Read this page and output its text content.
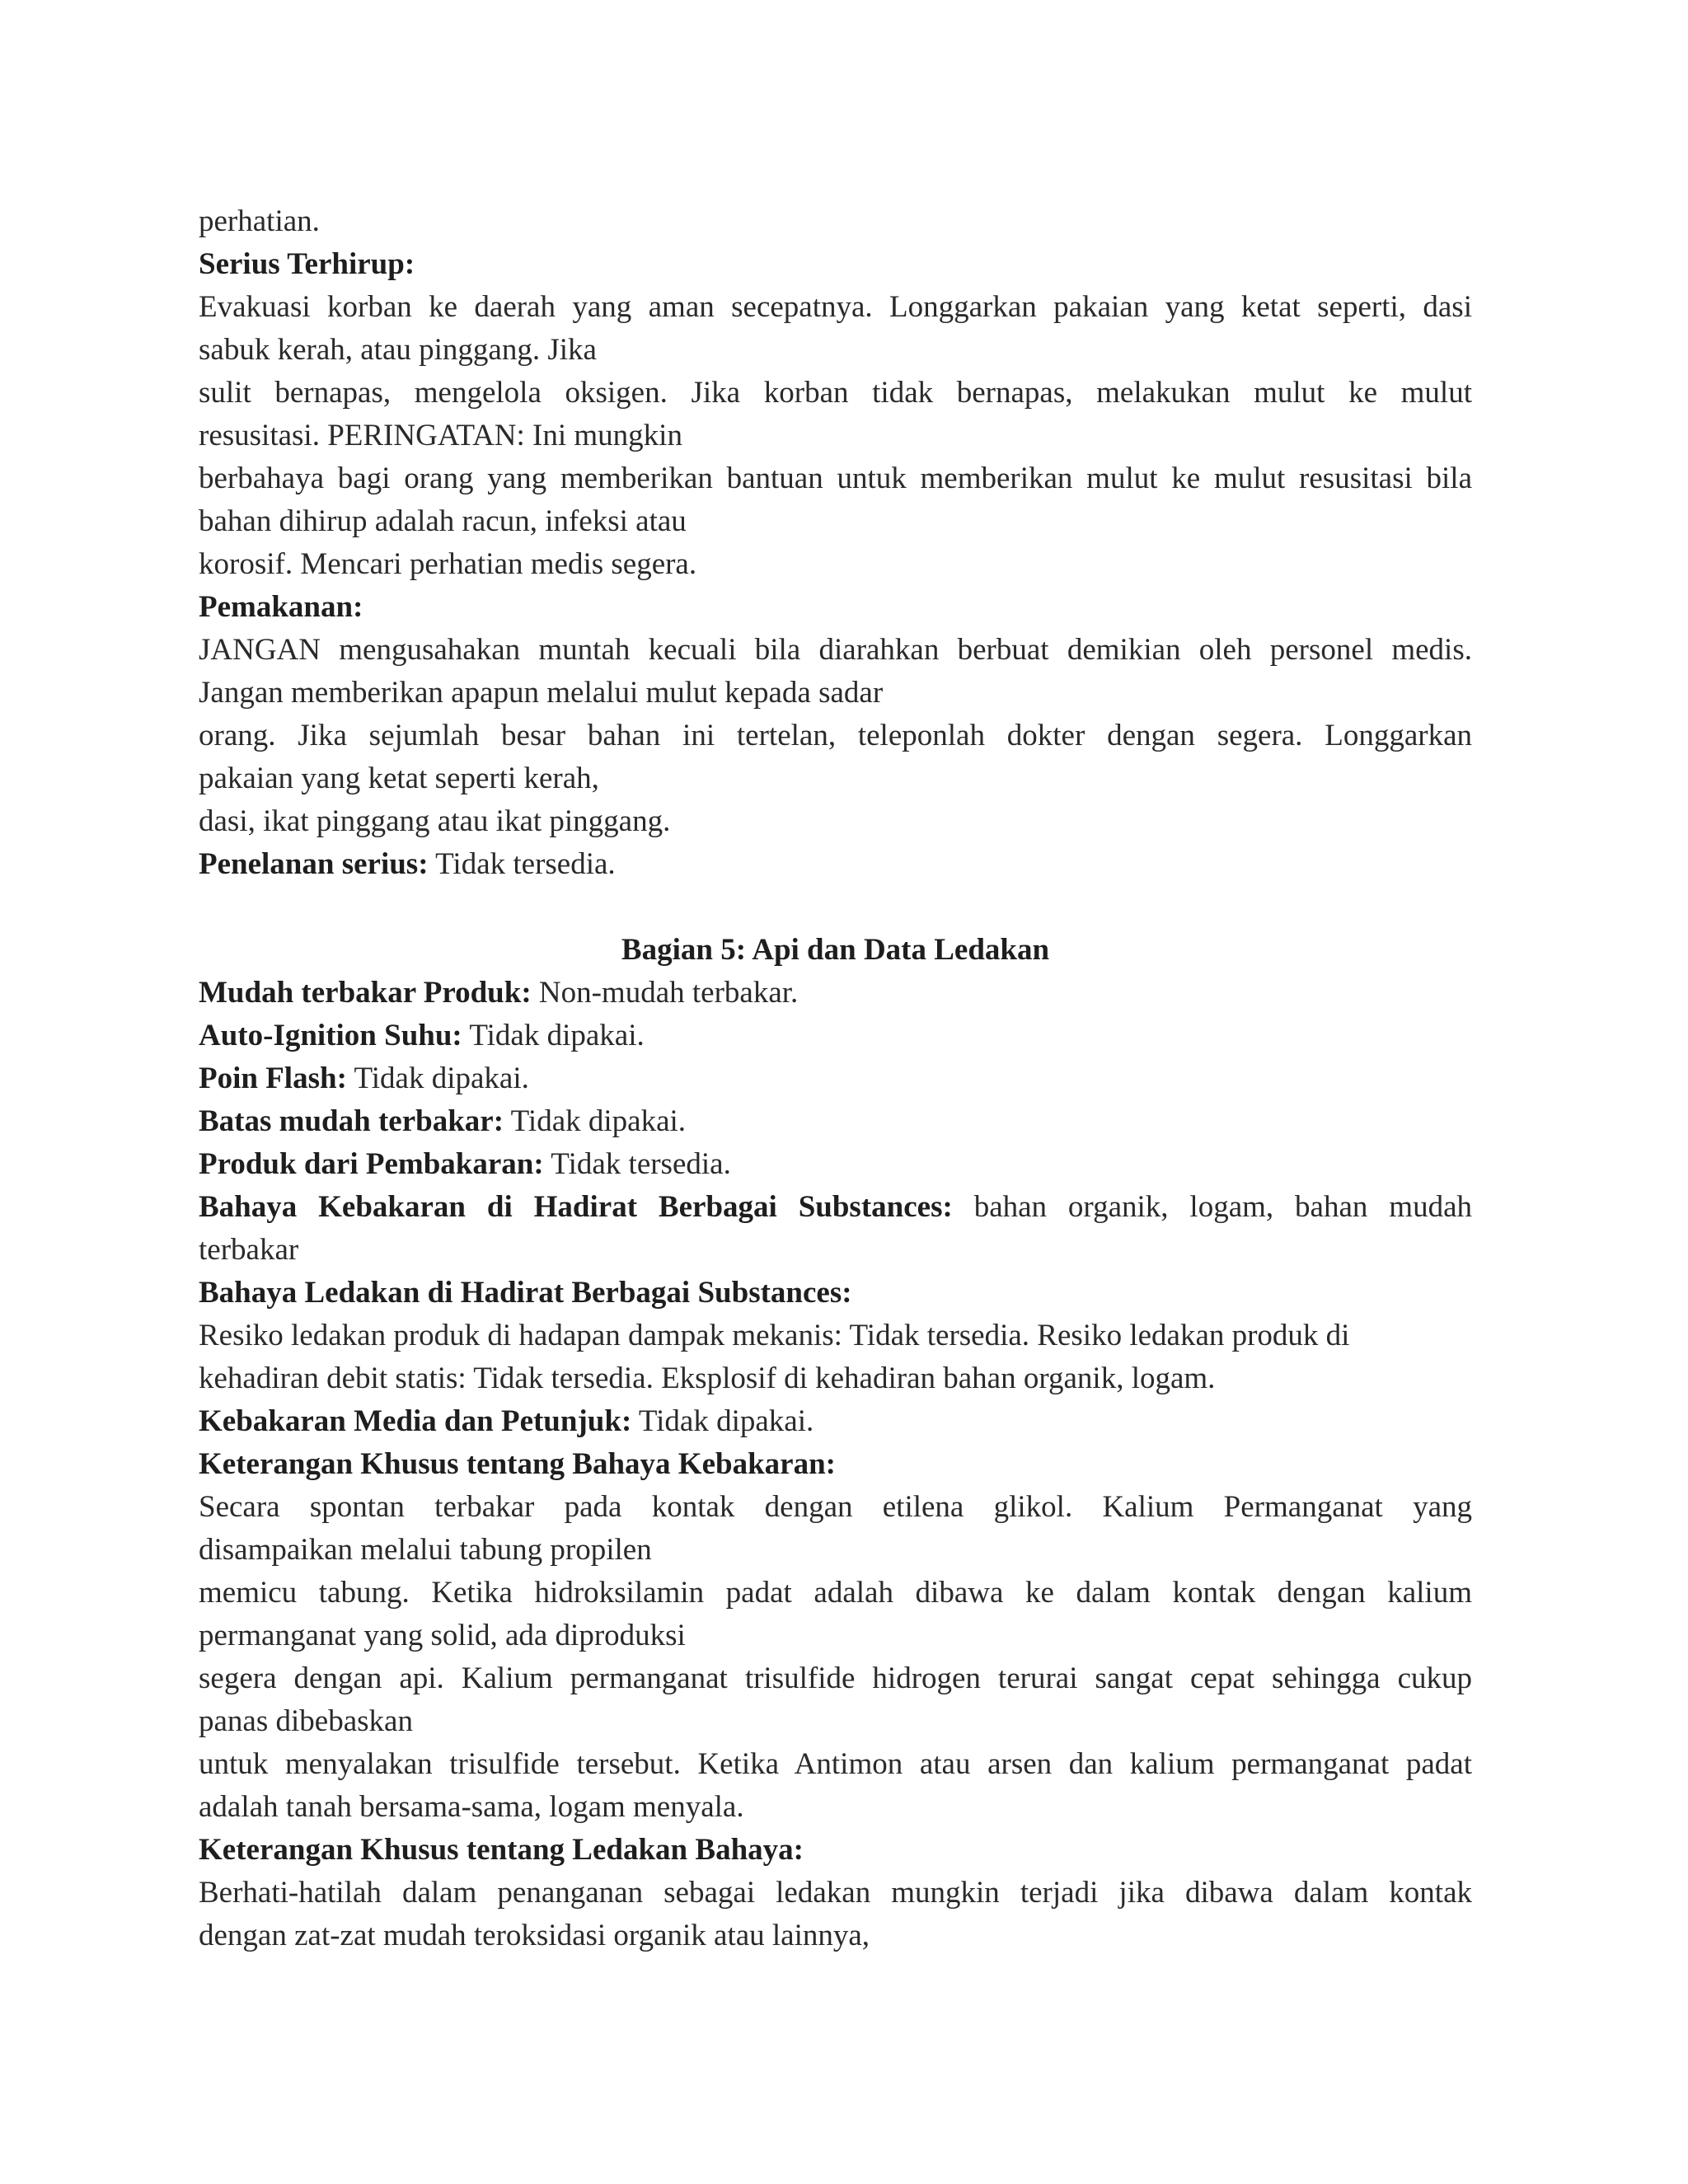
perhatian.

Serius Terhirup:

Evakuasi korban ke daerah yang aman secepatnya. Longgarkan pakaian yang ketat seperti, dasi

sabuk kerah, atau pinggang. Jika

sulit bernapas, mengelola oksigen. Jika korban tidak bernapas, melakukan mulut ke mulut

resusitasi. PERINGATAN: Ini mungkin

berbahaya bagi orang yang memberikan bantuan untuk memberikan mulut ke mulut resusitasi bila

bahan dihirup adalah racun, infeksi atau

korosif. Mencari perhatian medis segera.

Pemakanan:

JANGAN mengusahakan muntah kecuali bila diarahkan berbuat demikian oleh personel medis.

Jangan memberikan apapun melalui mulut kepada sadar

orang. Jika sejumlah besar bahan ini tertelan, teleponlah dokter dengan segera. Longgarkan

pakaian yang ketat seperti kerah,

dasi, ikat pinggang atau ikat pinggang.

Penelanan serius: Tidak tersedia.

Bagian 5: Api dan Data Ledakan

Mudah terbakar Produk: Non-mudah terbakar.

Auto-Ignition Suhu: Tidak dipakai.

Poin Flash: Tidak dipakai.

Batas mudah terbakar: Tidak dipakai.

Produk dari Pembakaran: Tidak tersedia.

Bahaya Kebakaran di Hadirat Berbagai Substances: bahan organik, logam, bahan mudah

terbakar

Bahaya Ledakan di Hadirat Berbagai Substances:

Resiko ledakan produk di hadapan dampak mekanis: Tidak tersedia. Resiko ledakan produk di

kehadiran debit statis: Tidak tersedia. Eksplosif di kehadiran bahan organik, logam.

Kebakaran Media dan Petunjuk: Tidak dipakai.

Keterangan Khusus tentang Bahaya Kebakaran:

Secara spontan terbakar pada kontak dengan etilena glikol. Kalium Permanganat yang

disampaikan melalui tabung propilen

memicu tabung. Ketika hidroksilamin padat adalah dibawa ke dalam kontak dengan kalium

permanganat yang solid, ada diproduksi

segera dengan api. Kalium permanganat trisulfide hidrogen terurai sangat cepat sehingga cukup

panas dibebaskan

untuk menyalakan trisulfide tersebut. Ketika Antimon atau arsen dan kalium permanganat padat

adalah tanah bersama-sama, logam menyala.

Keterangan Khusus tentang Ledakan Bahaya:

Berhati-hatilah dalam penanganan sebagai ledakan mungkin terjadi jika dibawa dalam kontak

dengan zat-zat mudah teroksidasi organik atau lainnya,
